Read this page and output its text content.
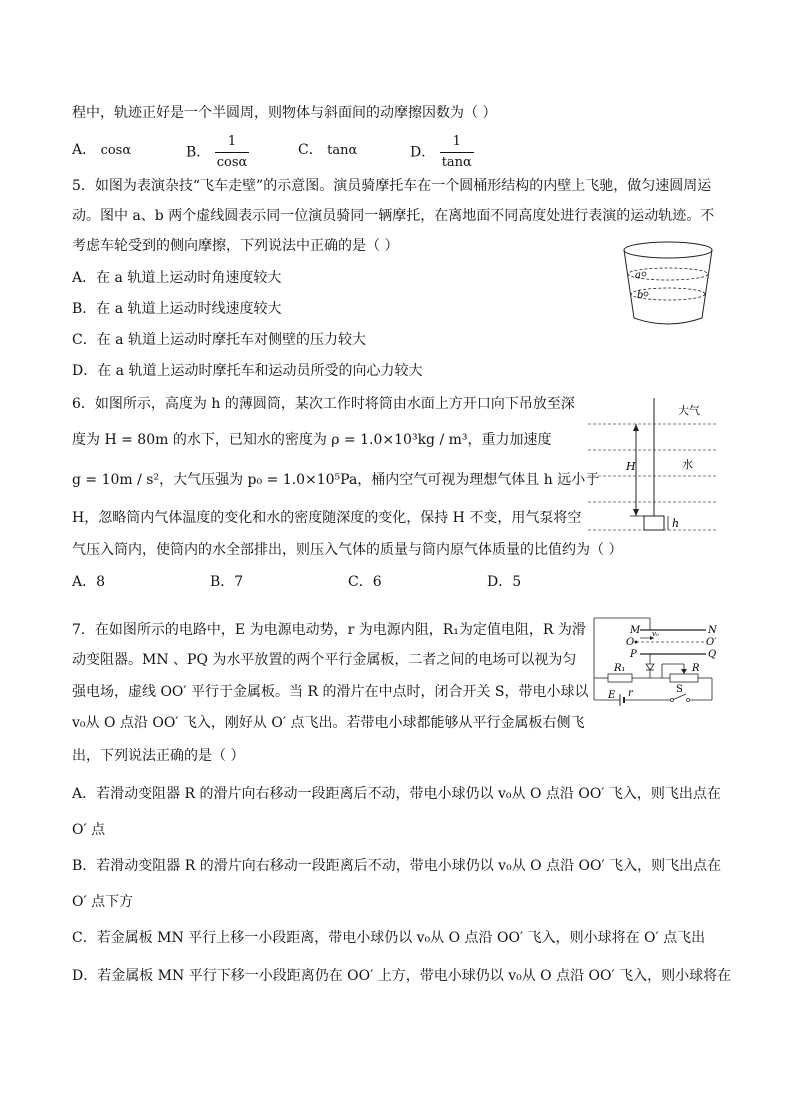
程中，轨迹正好是一个半圆周，则物体与斜面间的动摩擦因数为（ ）
A． cosα	B． $\frac{1}{\cos\alpha}$	C． tanα	D． $\frac{1}{\tan\alpha}$
5．如图为表演杂技“飞车走壁”的示意图。演员骑摩托车在一个圆桶形结构的内壁上飞驰，做匀速圆周运
动。图中 a、b 两个虚线圆表示同一位演员骑同一辆摩托，在离地面不同高度处进行表演的运动轨迹。不
考虑车轮受到的侧向摩擦，下列说法中正确的是（ ）
A．在 a 轨道上运动时角速度较大
B．在 a 轨道上运动时线速度较大
C．在 a 轨道上运动时摩托车对侧壁的压力较大
D．在 a 轨道上运动时摩托车和运动员所受的向心力较大
a
b
6．如图所示，高度为 h 的薄圆筒，某次工作时将筒由水面上方开口向下吊放至深
度为 H = 80m 的水下，已知水的密度为 ρ = 1.0×10³kg / m³，重力加速度
g = 10m / s²，大气压强为 p₀ = 1.0×10⁵Pa，桶内空气可视为理想气体且 h 远小于
H，忽略筒内气体温度的变化和水的密度随深度的变化，保持 H 不变，用气泵将空
气压入筒内，使筒内的水全部排出，则压入气体的质量与筒内原气体质量的比值约为（ ）
A．8	B．7	C．6	D．5
大气
水
H
h
7．在如图所示的电路中，E 为电源电动势，r 为电源内阻，R₁为定值电阻，R 为滑
动变阻器。MN 、PQ 为水平放置的两个平行金属板，二者之间的电场可以视为匀
强电场，虚线 OO′ 平行于金属板。当 R 的滑片在中点时，闭合开关 S，带电小球以
v₀从 O 点沿 OO′ 飞入，刚好从 O′ 点飞出。若带电小球都能够从平行金属板右侧飞
出，下列说法正确的是（ ）
A．若滑动变阻器 R 的滑片向右移动一段距离后不动，带电小球仍以 v₀从 O 点沿 OO′ 飞入，则飞出点在
O′ 点
B．若滑动变阻器 R 的滑片向右移动一段距离后不动，带电小球仍以 v₀从 O 点沿 OO′ 飞入，则飞出点在
O′ 点下方
C．若金属板 MN 平行上移一小段距离，带电小球仍以 v₀从 O 点沿 OO′ 飞入，则小球将在 O′ 点飞出
D．若金属板 MN 平行下移一小段距离仍在 OO′ 上方，带电小球仍以 v₀从 O 点沿 OO′ 飞入，则小球将在
M	N
O	O′
P	Q
v₀
R₁	R
E r	S
